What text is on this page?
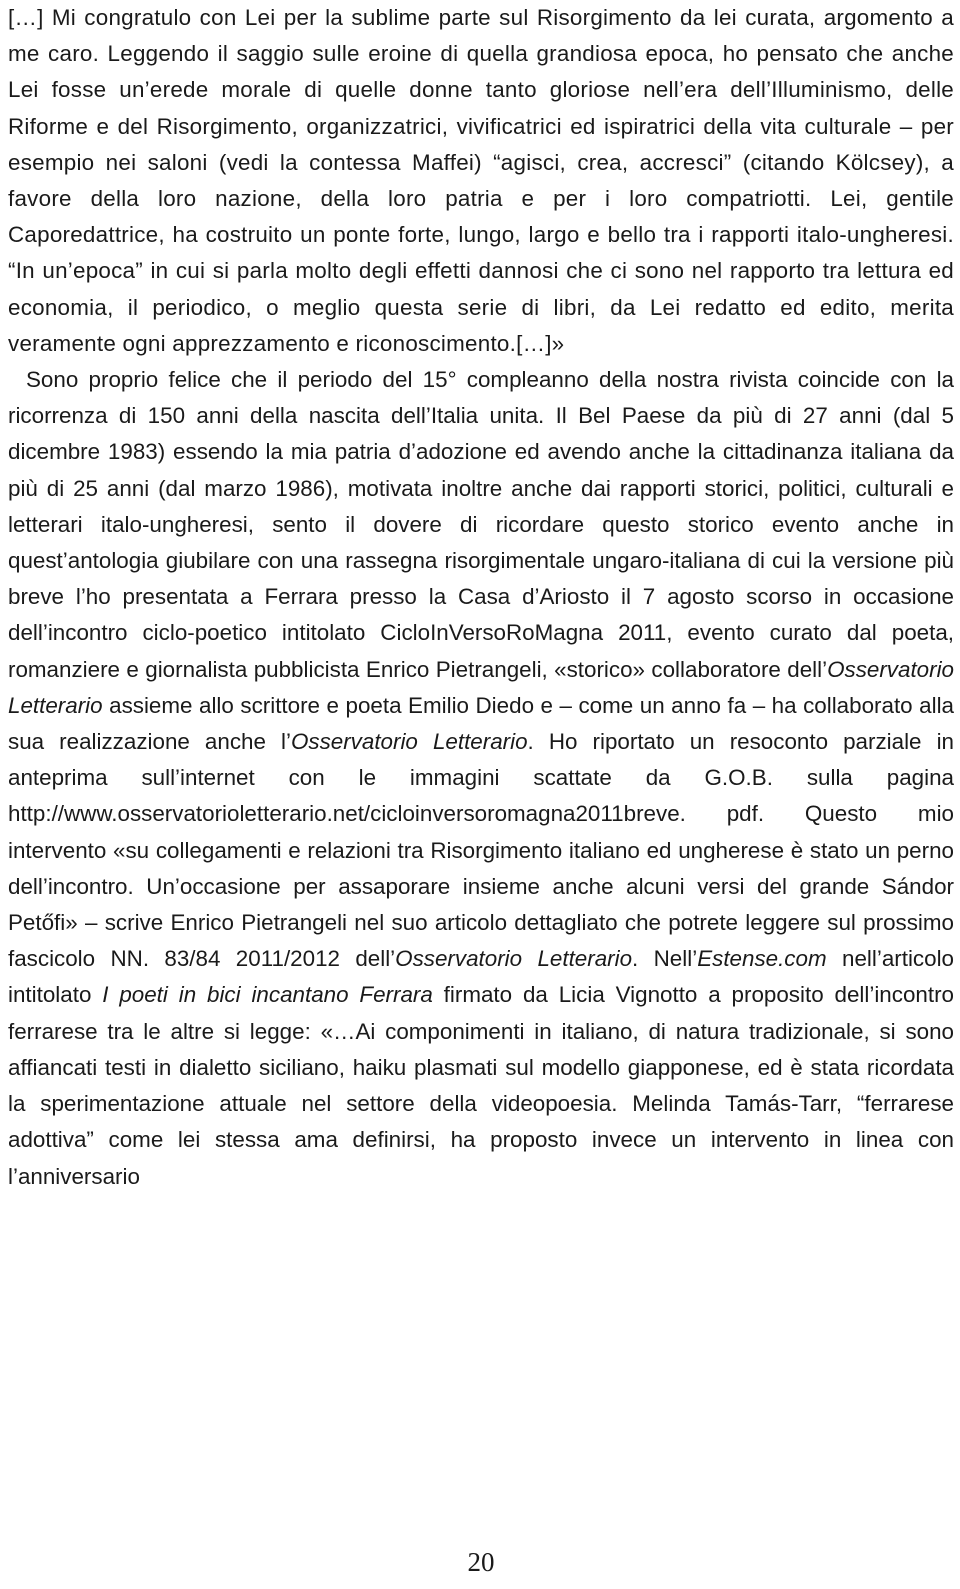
[…] Mi congratulo con Lei per la sublime parte sul Risorgimento da lei curata, argomento a me caro. Leggendo il saggio sulle eroine di quella grandiosa epoca, ho pensato che anche Lei fosse un’erede morale di quelle donne tanto gloriose nell’era dell’Illuminismo, delle Riforme e del Risorgimento, organizzatrici, vivificatrici ed ispiratrici della vita culturale – per esempio nei saloni (vedi la contessa Maffei) “agisci, crea, accresci” (citando Kölcsey), a favore della loro nazione, della loro patria e per i loro compatriotti. Lei, gentile Caporedattrice, ha costruito un ponte forte, lungo, largo e bello tra i rapporti italo-ungheresi. “In un’epoca” in cui si parla molto degli effetti dannosi che ci sono nel rapporto tra lettura ed economia, il periodico, o meglio questa serie di libri, da Lei redatto ed edito, merita veramente ogni apprezzamento e riconoscimento.[…]»

Sono proprio felice che il periodo del 15° compleanno della nostra rivista coincide con la ricorrenza di 150 anni della nascita dell’Italia unita. Il Bel Paese da più di 27 anni (dal 5 dicembre 1983) essendo la mia patria d’adozione ed avendo anche la cittadinanza italiana da più di 25 anni (dal marzo 1986), motivata inoltre anche dai rapporti storici, politici, culturali e letterari italo-ungheresi, sento il dovere di ricordare questo storico evento anche in quest’antologia giubilare con una rassegna risorgimentale ungaro-italiana di cui la versione più breve l’ho presentata a Ferrara presso la Casa d’Ariosto il 7 agosto scorso in occasione dell’incontro ciclo-poetico intitolato CicloInVersoRoMagna 2011, evento curato dal poeta, romanziere e giornalista pubblicista Enrico Pietrangeli, «storico» collaboratore dell’Osservatorio Letterario assieme allo scrittore e poeta Emilio Diedo e – come un anno fa – ha collaborato alla sua realizzazione anche l’Osservatorio Letterario. Ho riportato un resoconto parziale in anteprima sull’internet con le immagini scattate da G.O.B. sulla pagina http://www.osservatorioletterario.net/cicloinversoromagna2011breve. pdf. Questo mio intervento «su collegamenti e relazioni tra Risorgimento italiano ed ungherese è stato un perno dell’incontro. Un’occasione per assaporare insieme anche alcuni versi del grande Sándor Petőfi» – scrive Enrico Pietrangeli nel suo articolo dettagliato che potrete leggere sul prossimo fascicolo NN. 83/84 2011/2012 dell’Osservatorio Letterario. Nell’Estense.com nell’articolo intitolato I poeti in bici incantano Ferrara firmato da Licia Vignotto a proposito dell’incontro ferrarese tra le altre si legge: «…Ai componimenti in italiano, di natura tradizionale, si sono affiancati testi in dialetto siciliano, haiku plasmati sul modello giapponese, ed è stata ricordata la sperimentazione attuale nel settore della videopoesia. Melinda Tamás-Tarr, “ferrarese adottiva” come lei stessa ama definirsi, ha proposto invece un intervento in linea con l’anniversario

20
